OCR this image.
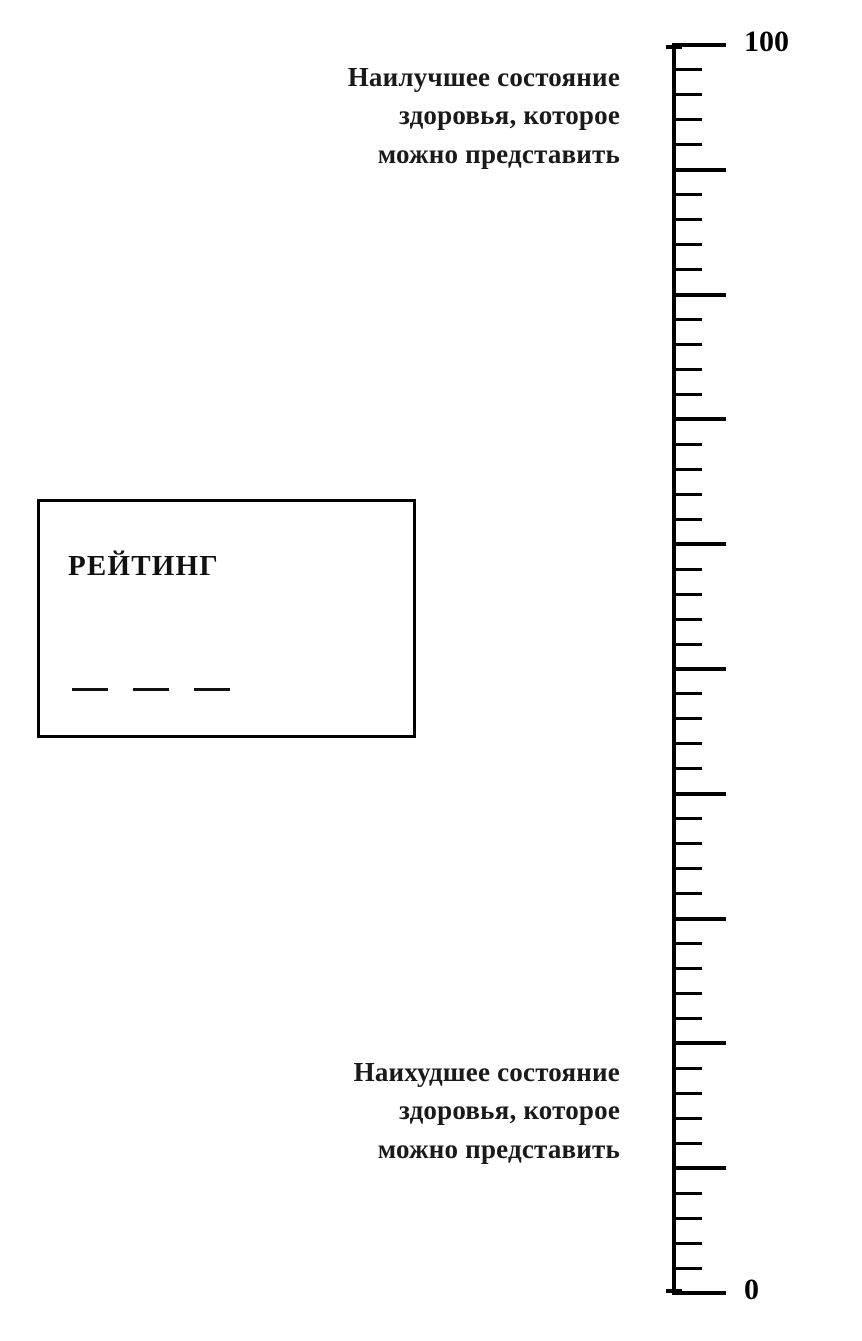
Наилучшее состояние здоровья, которое можно представить
РЕЙТИНГ
Наихудшее состояние здоровья, которое можно представить
100
0
